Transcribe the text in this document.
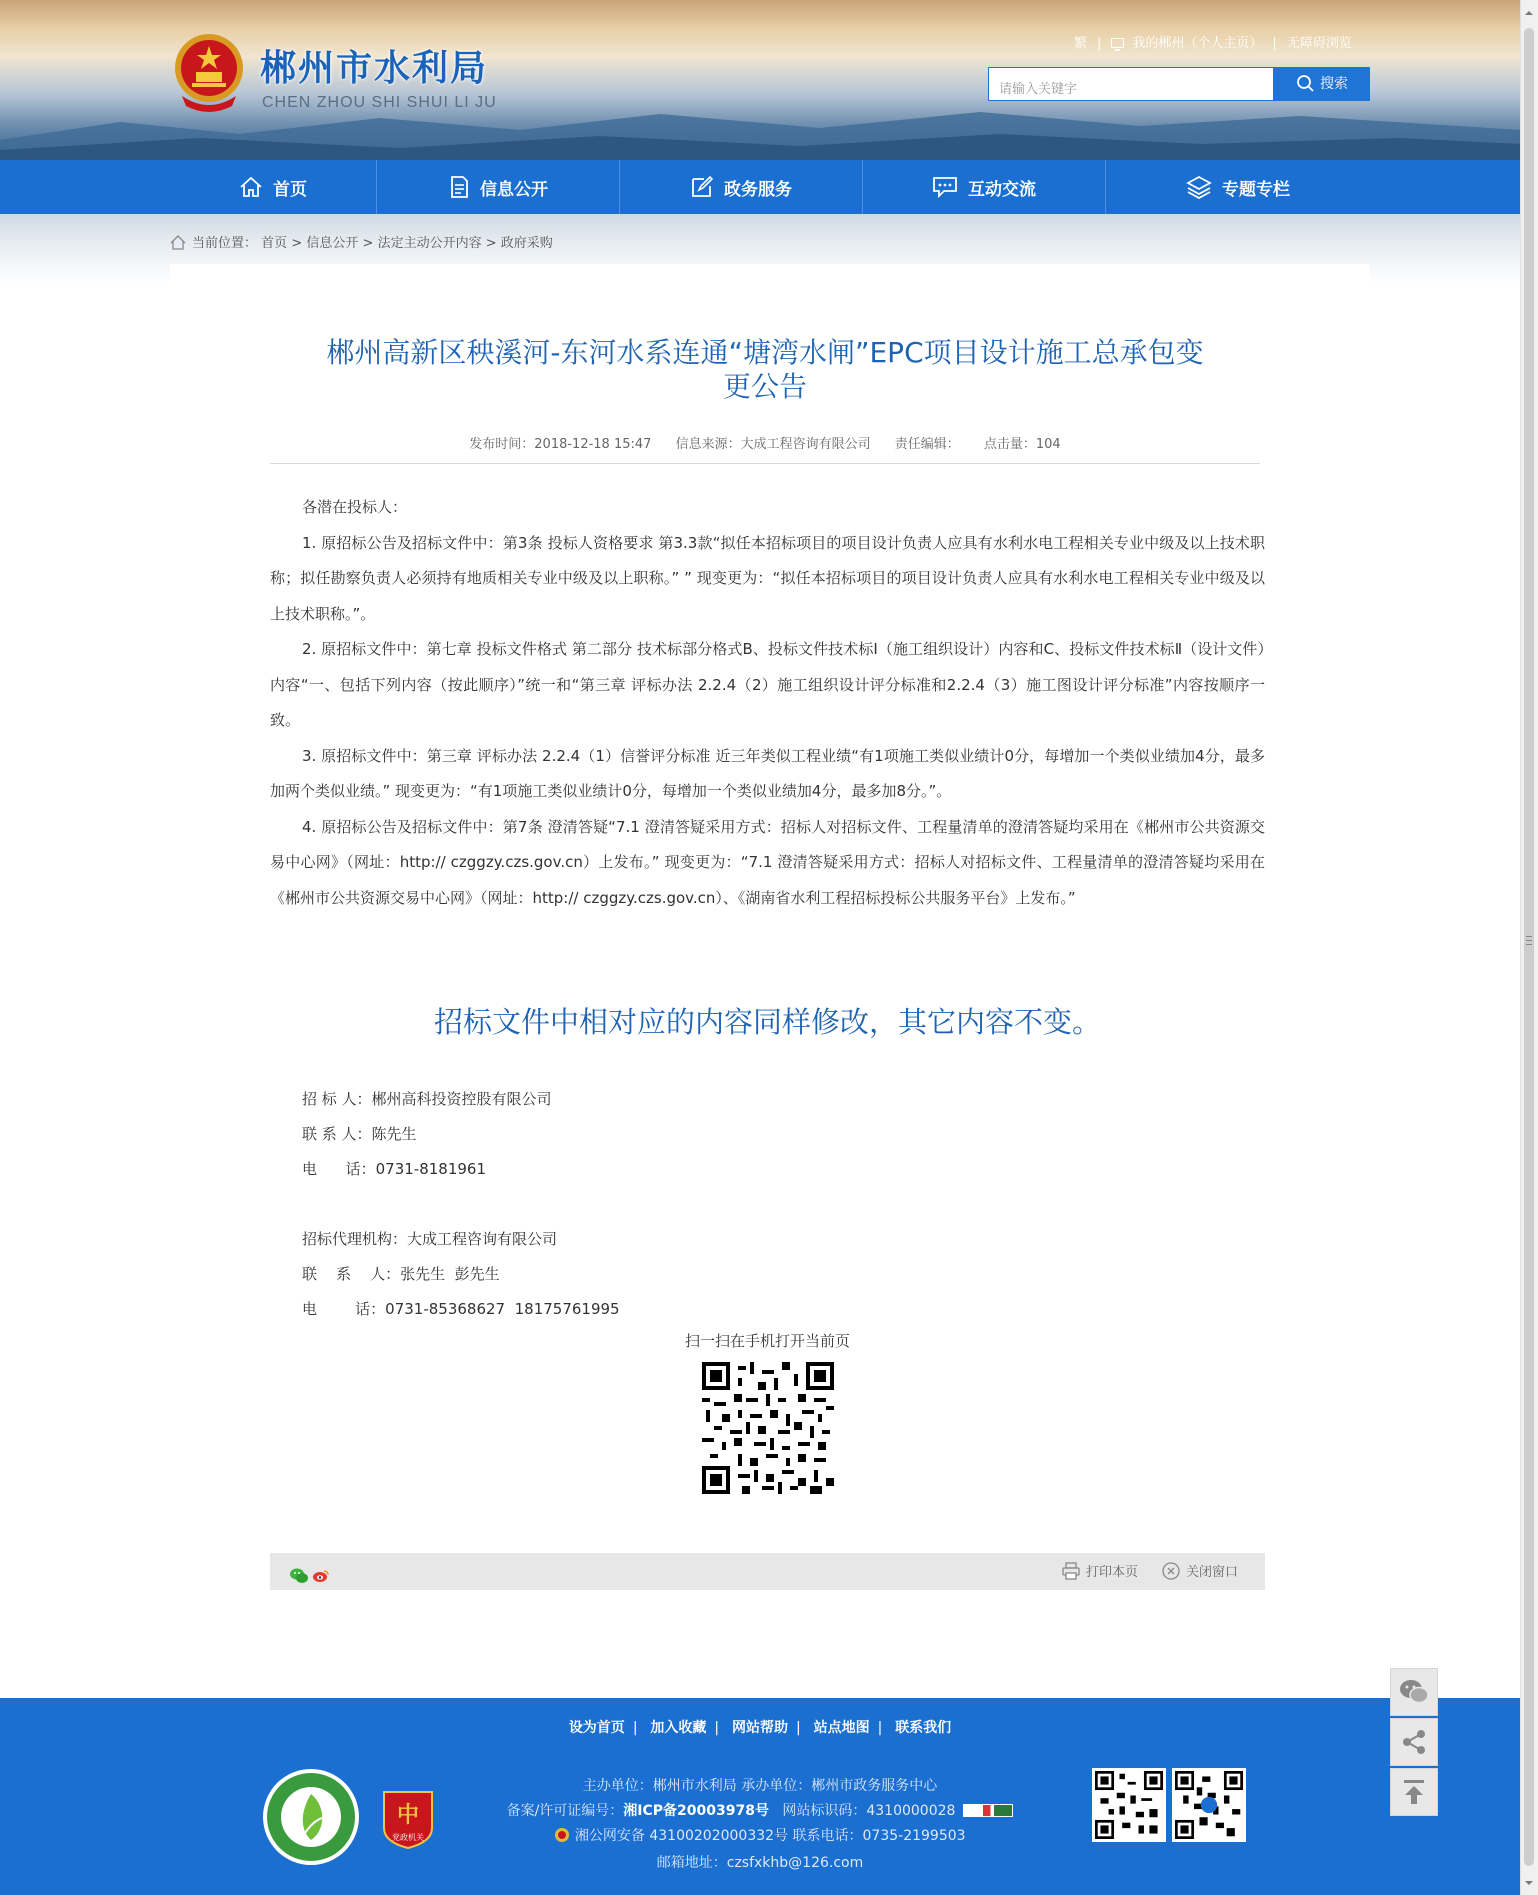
郴州市水利局
CHEN ZHOU SHI SHUI LI JU
繁 | 我的郴州（个人主页） | 无障碍浏览
请输入关键字	搜索
首页	信息公开	政务服务	互动交流	专题专栏
当前位置： 首页 > 信息公开 > 法定主动公开内容 > 政府采购
郴州高新区秧溪河-东河水系连通“塘湾水闸”EPC项目设计施工总承包变
更公告
发布时间：2018-12-18 15:47 信息来源：大成工程咨询有限公司 责任编辑： 点击量：104

各潜在投标人：

1. 原招标公告及招标文件中：第3条 投标人资格要求 第3.3款“拟任本招标项目的项目设计负责人应具有水利水电工程相关专业中级及以上技术职称；拟任勘察负责人必须持有地质相关专业中级及以上职称。” ” 现变更为：“拟任本招标项目的项目设计负责人应具有水利水电工程相关专业中级及以上技术职称。”。

2. 原招标文件中：第七章 投标文件格式 第二部分 技术标部分格式B、投标文件技术标Ⅰ（施工组织设计）内容和C、投标文件技术标Ⅱ（设计文件）内容“一、包括下列内容（按此顺序）”统一和“第三章 评标办法 2.2.4（2）施工组织设计评分标准和2.2.4（3）施工图设计评分标准”内容按顺序一致。

3. 原招标文件中：第三章 评标办法 2.2.4（1）信誉评分标准 近三年类似工程业绩“有1项施工类似业绩计0分，每增加一个类似业绩加4分，最多加两个类似业绩。” 现变更为：“有1项施工类似业绩计0分，每增加一个类似业绩加4分，最多加8分。”。

4. 原招标公告及招标文件中：第7条 澄清答疑“7.1 澄清答疑采用方式：招标人对招标文件、工程量清单的澄清答疑均采用在《郴州市公共资源交易中心网》（网址：http:// czggzy.czs.gov.cn）上发布。” 现变更为：“7.1 澄清答疑采用方式：招标人对招标文件、工程量清单的澄清答疑均采用在《郴州市公共资源交易中心网》（网址：http:// czggzy.czs.gov.cn）、《湖南省水利工程招标投标公共服务平台》上发布。”

招标文件中相对应的内容同样修改，其它内容不变。
招 标 人：郴州高科投资控股有限公司
联 系 人：陈先生
电      话：0731-8181961
招标代理机构：大成工程咨询有限公司
联    系    人：张先生  彭先生
电        话：0731-85368627  18175761995
扫一扫在手机打开当前页

打印本页	关闭窗口
设为首页 | 加入收藏 | 网站帮助 | 站点地图 | 联系我们
主办单位：郴州市水利局 承办单位：郴州市政务服务中心
备案/许可证编号：湘ICP备20003978号 网站标识码：4310000028
湘公网安备 43100202000332号 联系电话：0735-2199503
邮箱地址：czsfxkhb@126.com
中
党政机关
